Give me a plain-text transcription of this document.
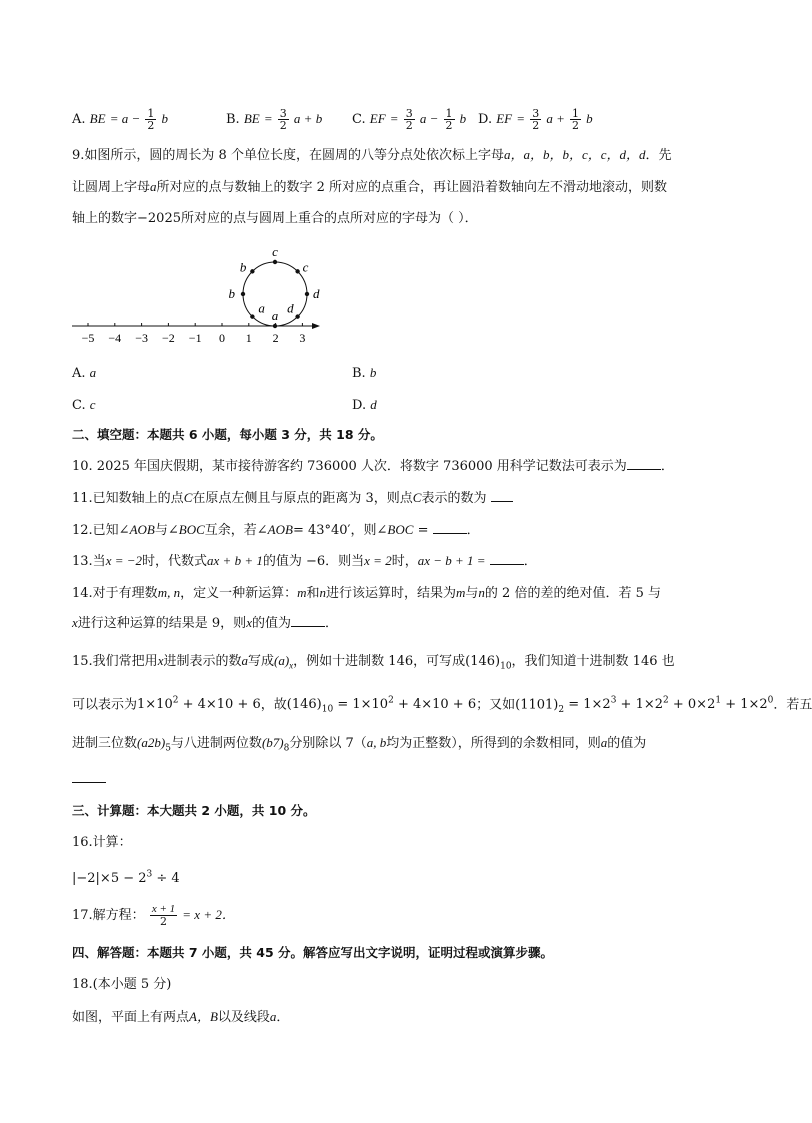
A. BE = $a - \frac{1}{2}$ b	B. BE = $\frac{3}{2}$ a + b C. EF = $\frac{3}{2}$ $a - \frac{1}{2}$ b D. EF = $\frac{3}{2}$ $a + \frac{1}{2}$ b
9.如图所示，圆的周长为 8 个单位长度，在圆周的八等分点处依次标上字母a，a，b，b，c，c，d，d．先
让圆周上字母a所对应的点与数轴上的数字 2 所对应的点重合，再让圆沿着数轴向左不滑动地滚动，则数
轴上的数字−2025所对应的点与圆周上重合的点所对应的字母为（ ）．
−5 −4 −3 −2 −1 0 1 2 3
a
a
b
b
c
c
d
d
A. a	B. b
C. c	D. d
二、填空题：本题共 6 小题，每小题 3 分，共 18 分。
10. 2025 年国庆假期，某市接待游客约 736000 人次．将数字 736000 用科学记数法可表示为	．
11.已知数轴上的点C在原点左侧且与原点的距离为 3，则点C表示的数为
12.已知∠AOB与∠BOC互余，若∠AOB= 43°40′，则∠BOC =	．
13.当x = −2时，代数式ax + b + 1的值为 −6．则当x = 2时，ax − b + 1 =	．
14.对于有理数m, n，定义一种新运算：m和n进行该运算时，结果为m与n的 2 倍的差的绝对值．若 5 与
x进行这种运算的结果是 9，则x的值为	．
15.我们常把用x进制表示的数a写成$(a)_x$，例如十进制数 146，可写成$(146)_{10}$，我们知道十进制数 146 也
可以表示为$1\times 10^2 + 4\times 10 + 6$，故$(146)_{10} = 1\times 10^2 + 4\times 10 + 6$；又如$(1101)_2 = 1\times 2^3 + 1\times 2^2 + 0\times 2^1 + 1\times 2^0$．若五
进制三位数$(a2b)_5$与八进制两位数$(b7)_8$分别除以 7（a, b均为正整数），所得到的余数相同，则a的值为
三、计算题：本大题共 2 小题，共 10 分。
16.计算：
$|-2|\times 5 - 2^3 \div 4$
17.解方程： $\frac{x + 1}{2} = x + 2$．
四、解答题：本题共 7 小题，共 45 分。解答应写出文字说明，证明过程或演算步骤。
18.(本小题 5 分)
如图，平面上有两点A，B以及线段a．
